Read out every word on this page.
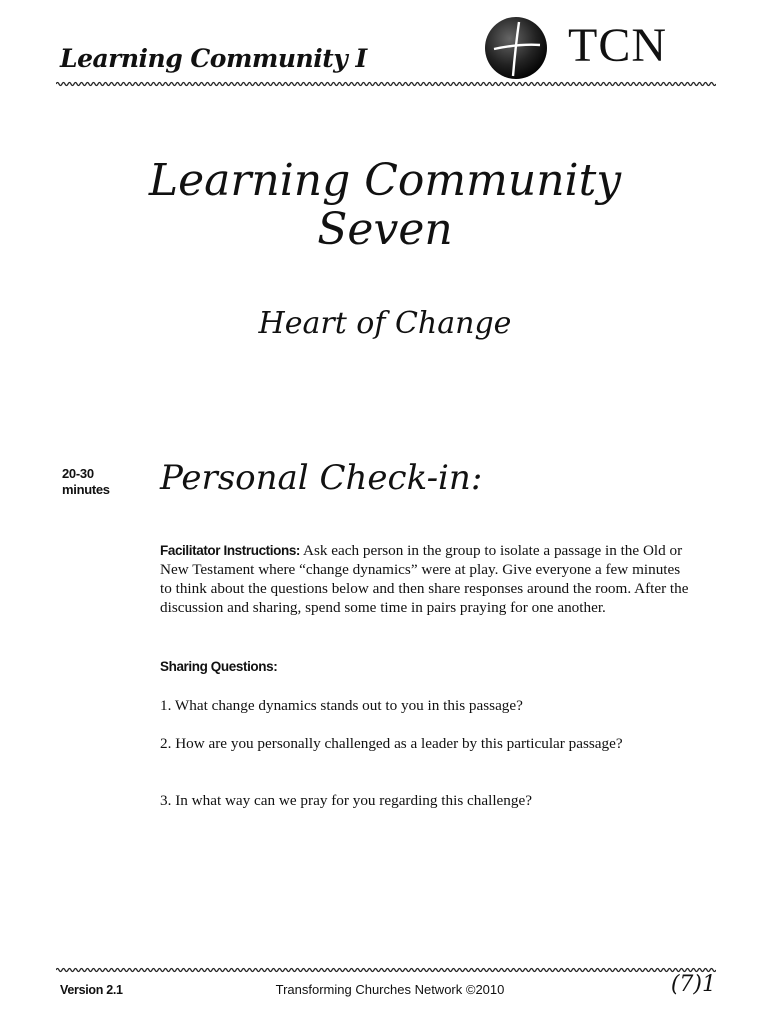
Learning Community I	TCN
Learning Community
Seven
Heart of Change
20-30
minutes Personal Check-in:
Facilitator Instructions: Ask each person in the group to isolate a passage in the Old or New Testament where “change dynamics” were at play. Give everyone a few minutes to think about the questions below and then share responses around the room. After the discussion and sharing, spend some time in pairs praying for one another.
Sharing Questions:
1. What change dynamics stands out to you in this passage?
2. How are you personally challenged as a leader by this particular passage?
3. In what way can we pray for you regarding this challenge?
Version 2.1	Transforming Churches Network ©2010	(7)1
